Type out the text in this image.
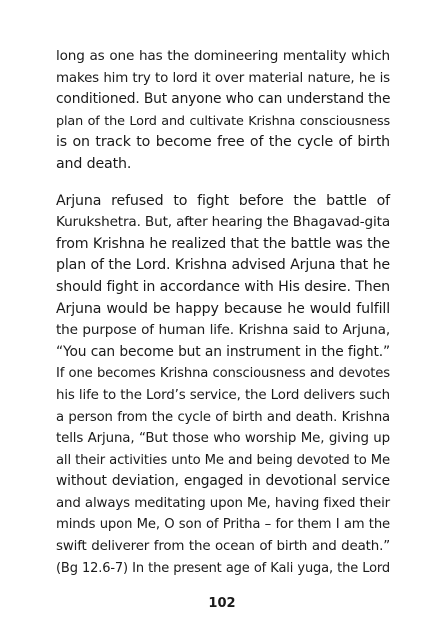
long as one has the domineering mentality which
makes him try to lord it over material nature, he is
conditioned. But anyone who can understand the
plan of the Lord and cultivate Krishna consciousness
is on track to become free of the cycle of birth
and death.

Arjuna refused to fight before the battle of
Kurukshetra. But, after hearing the Bhagavad-gita
from Krishna he realized that the battle was the
plan of the Lord. Krishna advised Arjuna that he
should fight in accordance with His desire. Then
Arjuna would be happy because he would fulfill
the purpose of human life. Krishna said to Arjuna,
“You can become but an instrument in the fight.”
If one becomes Krishna consciousness and devotes
his life to the Lord’s service, the Lord delivers such
a person from the cycle of birth and death. Krishna
tells Arjuna, “But those who worship Me, giving up
all their activities unto Me and being devoted to Me
without deviation, engaged in devotional service
and always meditating upon Me, having fixed their
minds upon Me, O son of Pritha – for them I am the
swift deliverer from the ocean of birth and death.”
(Bg 12.6-7) In the present age of Kali yuga, the Lord

102
